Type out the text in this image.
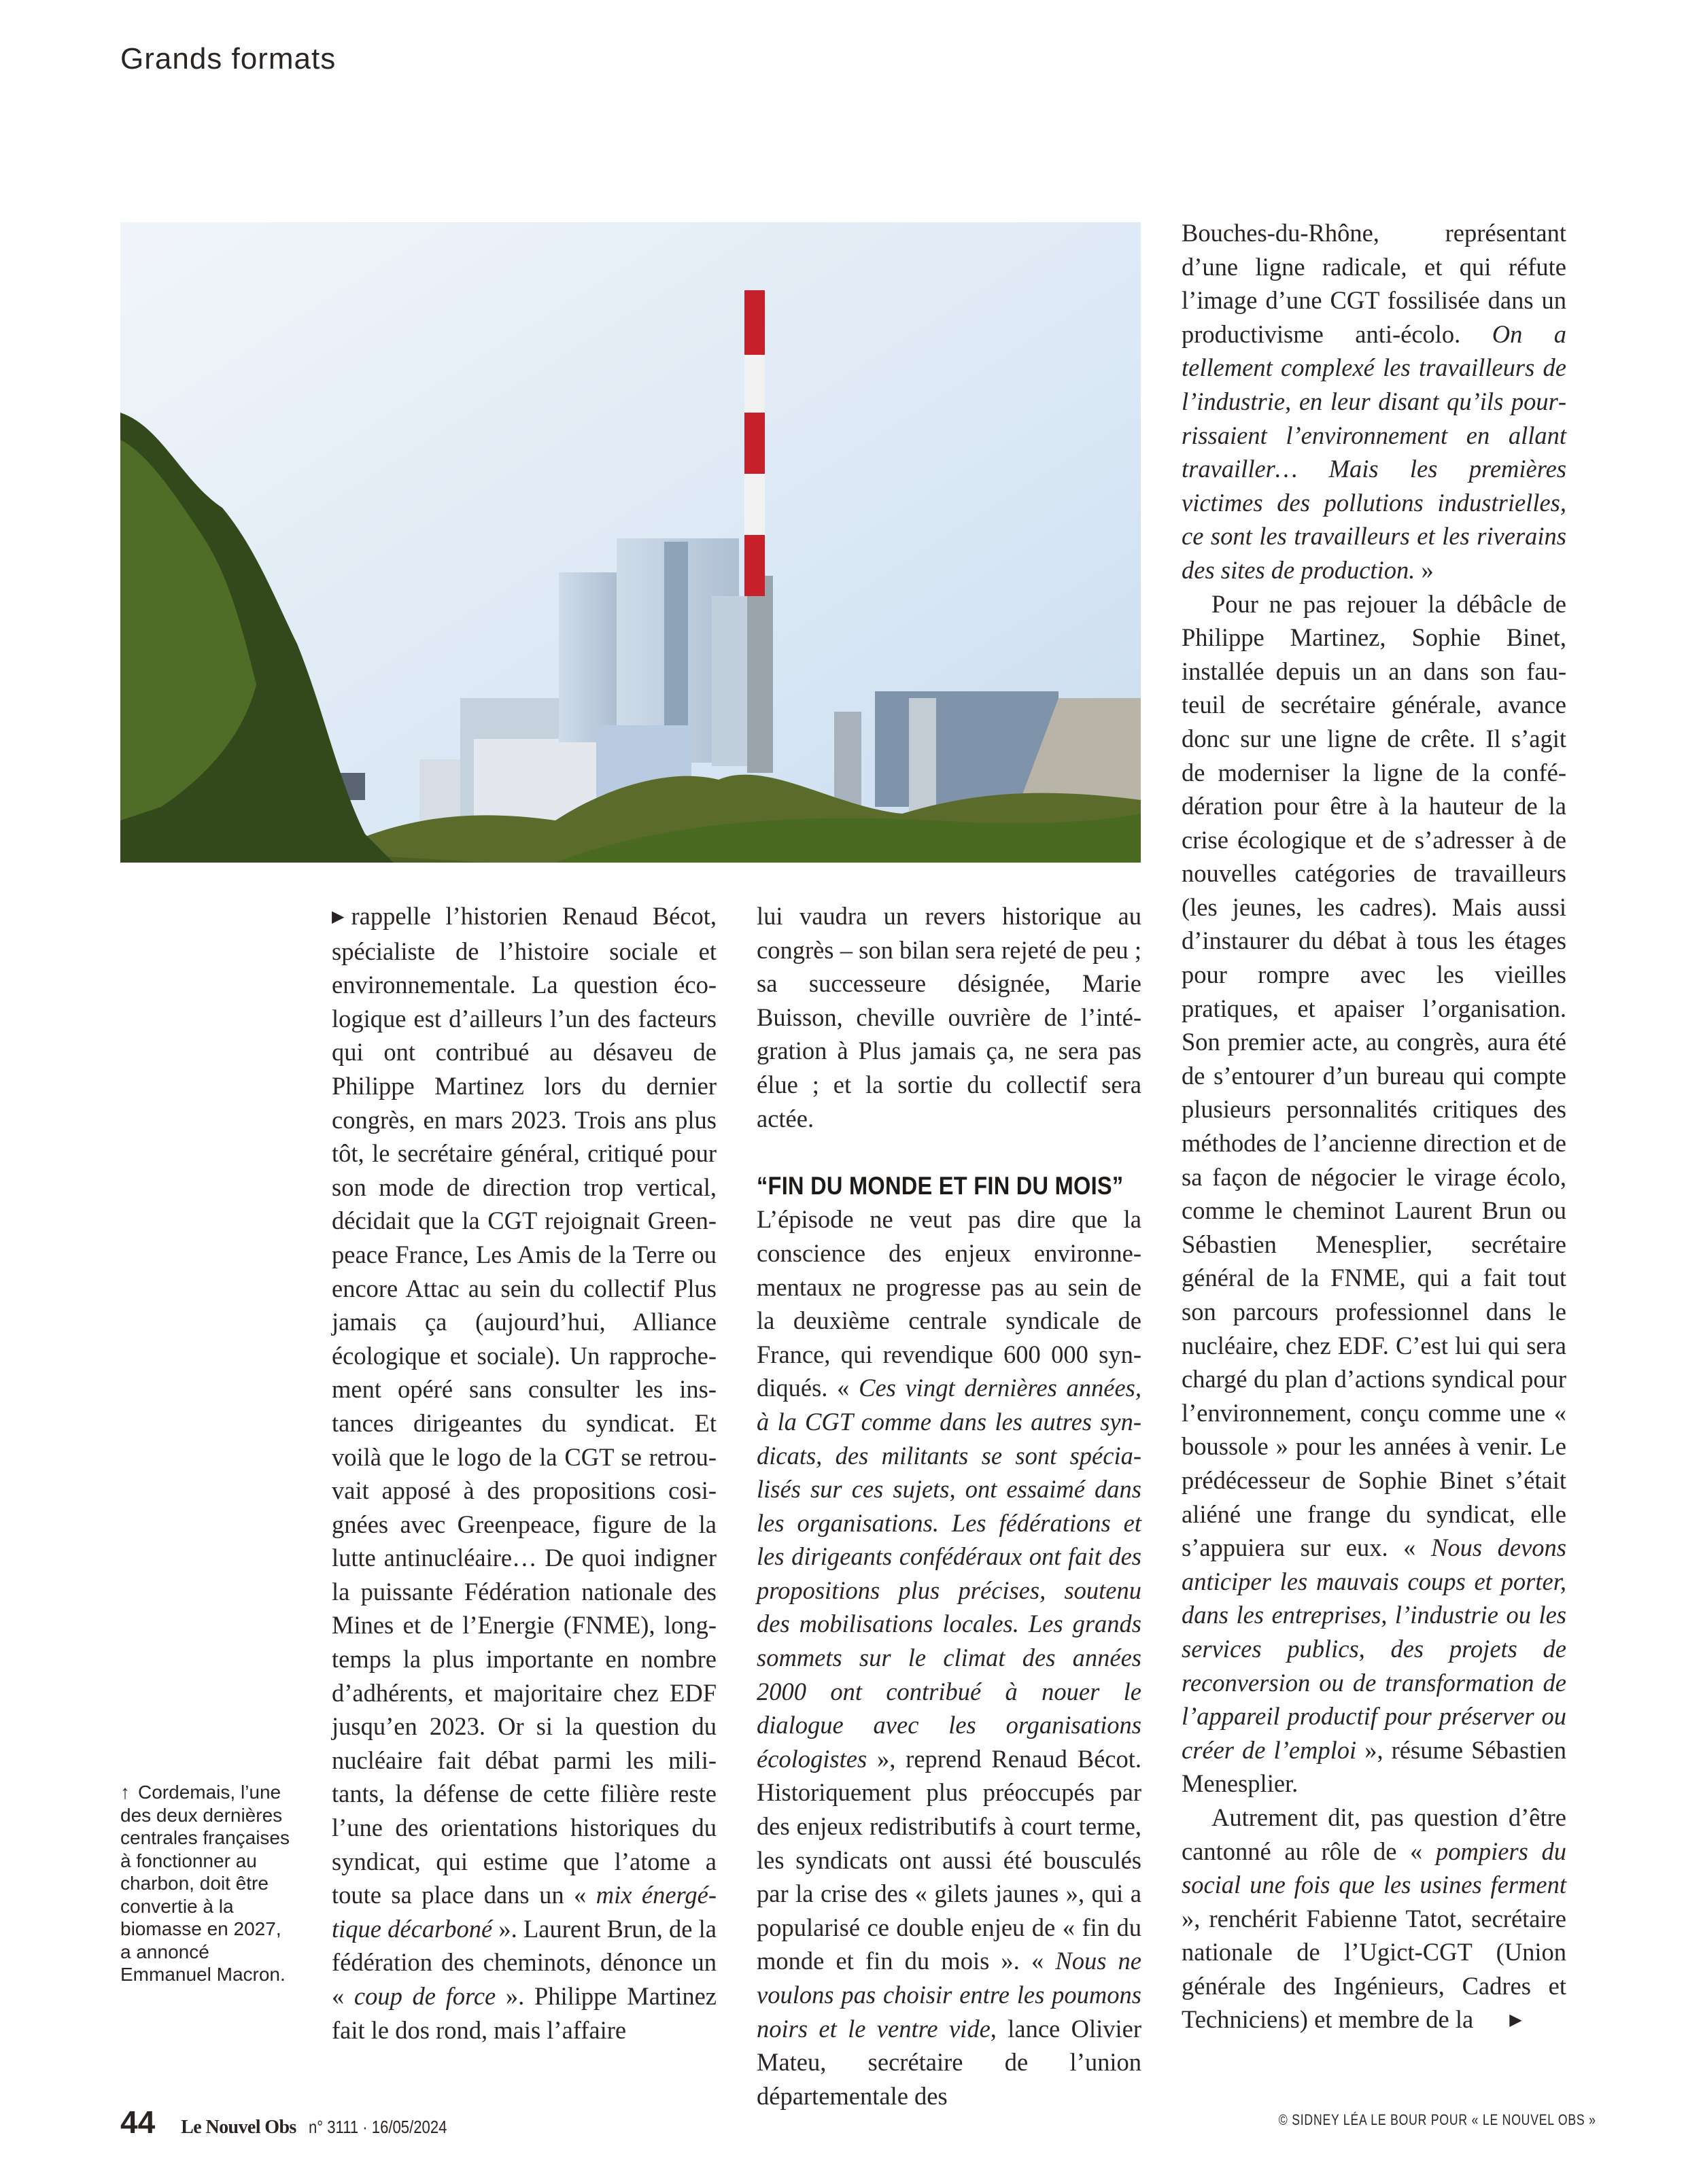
Grands formats
↑ Cordemais, l’une des deux dernières centrales françaises à fonctionner au charbon, doit être convertie à la biomasse en 2027, a annoncé Emmanuel Macron.

▶ rappelle l’historien Renaud Bécot, spécialiste de l’histoire sociale et environnementale. La question écologique est d’ailleurs l’un des facteurs qui ont contribué au désaveu de Philippe Martinez lors du dernier congrès, en mars 2023. Trois ans plus tôt, le secrétaire général, critiqué pour son mode de direction trop vertical, décidait que la CGT rejoignait Greenpeace France, Les Amis de la Terre ou encore Attac au sein du collectif Plus jamais ça (aujourd’hui, Alliance écologique et sociale). Un rapprochement opéré sans consulter les instances dirigeantes du syndicat. Et voilà que le logo de la CGT se retrouvait apposé à des propositions cosignées avec Greenpeace, figure de la lutte antinucléaire… De quoi indigner la puissante Fédération nationale des Mines et de l’Energie (FNME), longtemps la plus importante en nombre d’adhérents, et majoritaire chez EDF jusqu’en 2023. Or si la question du nucléaire fait débat parmi les militants, la défense de cette filière reste l’une des orientations historiques du syndicat, qui estime que l’atome a toute sa place dans un « mix énergétique décarboné ». Laurent Brun, de la fédération des cheminots, dénonce un « coup de force ». Philippe Martinez fait le dos rond, mais l’affaire

lui vaudra un revers historique au congrès – son bilan sera rejeté de peu ; sa successeure désignée, Marie Buisson, cheville ouvrière de l’intégration à Plus jamais ça, ne sera pas élue ; et la sortie du collectif sera actée.

“FIN DU MONDE ET FIN DU MOIS”

L’épisode ne veut pas dire que la conscience des enjeux environnementaux ne progresse pas au sein de la deuxième centrale syndicale de France, qui revendique 600 000 syndiqués. « Ces vingt dernières années, à la CGT comme dans les autres syndicats, des militants se sont spécialisés sur ces sujets, ont essaimé dans les organisations. Les fédérations et les dirigeants confédéraux ont fait des propositions plus précises, soutenu des mobilisations locales. Les grands sommets sur le climat des années 2000 ont contribué à nouer le dialogue avec les organisations écologistes », reprend Renaud Bécot. Historiquement plus préoccupés par des enjeux redistributifs à court terme, les syndicats ont aussi été bousculés par la crise des « gilets jaunes », qui a popularisé ce double enjeu de « fin du monde et fin du mois ». « Nous ne voulons pas choisir entre les poumons noirs et le ventre vide, lance Olivier Mateu, secrétaire de l’union départementale des

Bouches-du-Rhône, représentant d’une ligne radicale, et qui réfute l’image d’une CGT fossilisée dans un productivisme anti-écolo. On a tellement complexé les travailleurs de l’industrie, en leur disant qu’ils pourrissaient l’environnement en allant travailler… Mais les premières victimes des pollutions industrielles, ce sont les travailleurs et les riverains des sites de production. »

Pour ne pas rejouer la débâcle de Philippe Martinez, Sophie Binet, installée depuis un an dans son fauteuil de secrétaire générale, avance donc sur une ligne de crête. Il s’agit de moderniser la ligne de la confédération pour être à la hauteur de la crise écologique et de s’adresser à de nouvelles catégories de travailleurs (les jeunes, les cadres). Mais aussi d’instaurer du débat à tous les étages pour rompre avec les vieilles pratiques, et apaiser l’organisation. Son premier acte, au congrès, aura été de s’entourer d’un bureau qui compte plusieurs personnalités critiques des méthodes de l’ancienne direction et de sa façon de négocier le virage écolo, comme le cheminot Laurent Brun ou Sébastien Menesplier, secrétaire général de la FNME, qui a fait tout son parcours professionnel dans le nucléaire, chez EDF. C’est lui qui sera chargé du plan d’actions syndical pour l’environnement, conçu comme une « boussole » pour les années à venir. Le prédécesseur de Sophie Binet s’était aliéné une frange du syndicat, elle s’appuiera sur eux. « Nous devons anticiper les mauvais coups et porter, dans les entreprises, l’industrie ou les services publics, des projets de reconversion ou de transformation de l’appareil productif pour préserver ou créer de l’emploi », résume Sébastien Menesplier.

Autrement dit, pas question d’être cantonné au rôle de « pompiers du social une fois que les usines ferment », renchérit Fabienne Tatot, secrétaire nationale de l’Ugict-CGT (Union générale des Ingénieurs, Cadres et Techniciens) et membre de la ▶

44 Le Nouvel Obs n° 3111 · 16/05/2024	© SIDNEY LÉA LE BOUR POUR « LE NOUVEL OBS »
